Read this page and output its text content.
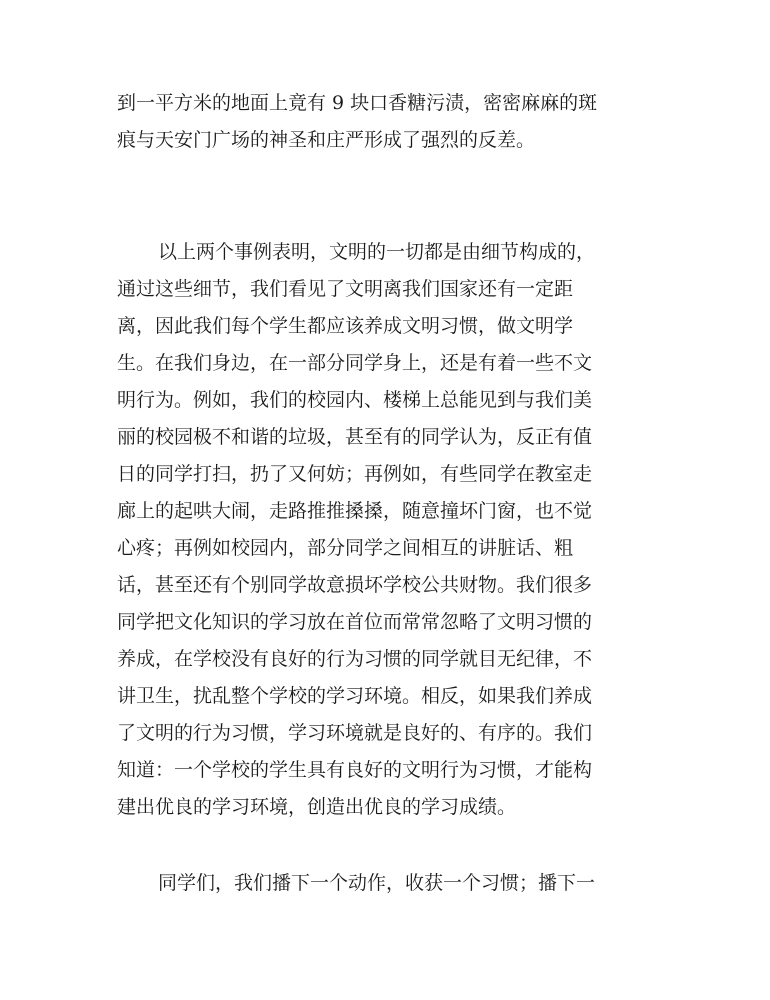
到一平方米的地面上竟有 9 块口香糖污渍，密密麻麻的斑
痕与天安门广场的神圣和庄严形成了强烈的反差。
以上两个事例表明，文明的一切都是由细节构成的，
通过这些细节，我们看见了文明离我们国家还有一定距
离，因此我们每个学生都应该养成文明习惯，做文明学
生。在我们身边，在一部分同学身上，还是有着一些不文
明行为。例如，我们的校园内、楼梯上总能见到与我们美
丽的校园极不和谐的垃圾，甚至有的同学认为，反正有值
日的同学打扫，扔了又何妨；再例如，有些同学在教室走
廊上的起哄大闹，走路推推搡搡，随意撞坏门窗，也不觉
心疼；再例如校园内，部分同学之间相互的讲脏话、粗
话，甚至还有个别同学故意损坏学校公共财物。我们很多
同学把文化知识的学习放在首位而常常忽略了文明习惯的
养成，在学校没有良好的行为习惯的同学就目无纪律，不
讲卫生，扰乱整个学校的学习环境。相反，如果我们养成
了文明的行为习惯，学习环境就是良好的、有序的。我们
知道：一个学校的学生具有良好的文明行为习惯，才能构
建出优良的学习环境，创造出优良的学习成绩。
同学们，我们播下一个动作，收获一个习惯；播下一
